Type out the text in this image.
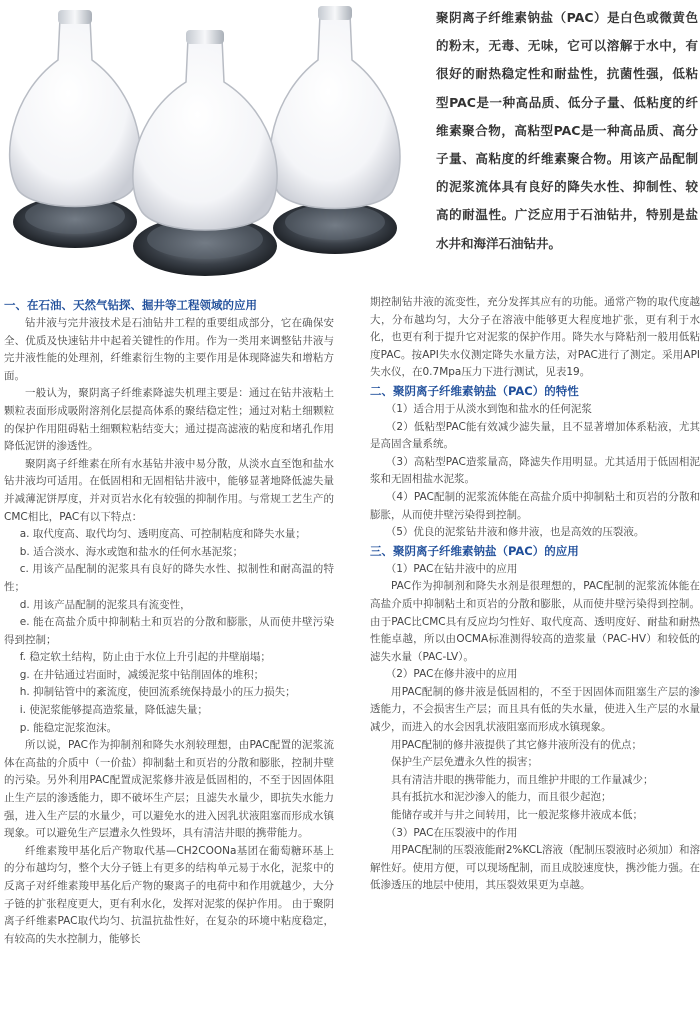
聚阴离子纤维素钠盐（PAC）是白色或微黄色的粉末，无毒、无味，它可以溶解于水中，有很好的耐热稳定性和耐盐性，抗菌性强，低粘型PAC是一种高品质、低分子量、低粘度的纤维素聚合物，高粘型PAC是一种高品质、高分子量、高粘度的纤维素聚合物。用该产品配制的泥浆流体具有良好的降失水性、抑制性、较高的耐温性。广泛应用于石油钻井，特别是盐水井和海洋石油钻井。

一、在石油、天然气钻探、掘井等工程领域的应用

钻井液与完井液技术是石油钻井工程的重要组成部分，它在确保安全、优质及快速钻井中起着关键性的作用。作为一类用来调整钻井液与完井液性能的处理剂，纤维素衍生物的主要作用是体现降滤失和增粘方面。

一般认为，聚阴离子纤维素降滤失机理主要是：通过在钻井液粘土颗粒表面形成吸附溶剂化层提高体系的聚结稳定性；通过对粘土细颗粒的保护作用阻碍粘土细颗粒粘结变大；通过提高滤液的粘度和堵孔作用降低泥饼的渗透性。

聚阴离子纤维素在所有水基钻井液中易分散，从淡水直至饱和盐水钻井液均可适用。在低固相和无固相钻井液中，能够显著地降低滤失量并减薄泥饼厚度，并对页岩水化有较强的抑制作用。与常规工艺生产的CMC相比，PAC有以下特点：

a. 取代度高、取代均匀、透明度高、可控制粘度和降失水量；

b. 适合淡水、海水或饱和盐水的任何水基泥浆；

c. 用该产品配制的泥浆具有良好的降失水性、拟制性和耐高温的特性；

d. 用该产品配制的泥浆具有流变性，

e. 能在高盐介质中抑制粘土和页岩的分散和膨胀，从而使井壁污染得到控制；

f. 稳定软土结构，防止由于水位上升引起的井壁崩塌；

g. 在井钻通过岩面时，减缓泥浆中钻削固体的堆积；

h. 抑制钻管中的紊流度，使回流系统保持最小的压力损失；

i. 使泥浆能够提高造浆量，降低滤失量；

p. 能稳定泥浆泡沫。

所以说，PAC作为抑制剂和降失水剂较理想，由PAC配置的泥浆流体在高盐的介质中（一价盐）抑制黏土和页岩的分散和膨胀，控制井壁的污染。另外利用PAC配置成泥浆修井液是低固相的，不至于因固体阻止生产层的渗透能力，即不破坏生产层；且滤失水量少，即抗失水能力强，进入生产层的水量少，可以避免水的进入因乳状液阻塞而形成水镇现象。可以避免生产层遭永久性毁坏，具有清洁井眼的携带能力。

纤维素羧甲基化后产物取代基—CH2COONa基团在葡萄糖环基上的分布越均匀，整个大分子链上有更多的结构单元易于水化，泥浆中的反离子对纤维素羧甲基化后产物的聚离子的电荷中和作用就越少，大分子链的扩张程度更大，更有利水化，发挥对泥浆的保护作用。 由于聚阴离子纤维素PAC取代均匀、抗温抗盐性好，在复杂的环境中粘度稳定，有较高的失水控制力，能够长

期控制钻井液的流变性，充分发挥其应有的功能。通常产物的取代度越大，分布越均匀，大分子在溶液中能够更大程度地扩张，更有利于水化，也更有利于提升它对泥浆的保护作用。降失水与降粘剂一般用低粘度PAC。按API失水仪测定降失水量方法，对PAC进行了测定。采用API失水仪，在0.7Mpa压力下进行测试，见表19。

二、聚阴离子纤维素钠盐（PAC）的特性

（1）适合用于从淡水到饱和盐水的任何泥浆

（2）低粘型PAC能有效减少滤失量，且不显著增加体系粘液，尤其是高固含量系统。

（3）高粘型PAC造浆量高，降滤失作用明显。尤其适用于低固相泥浆和无固相盐水泥浆。

（4）PAC配制的泥浆流体能在高盐介质中抑制粘土和页岩的分散和膨胀，从而使井壁污染得到控制。

（5）优良的泥浆钻井液和修井液，也是高效的压裂液。

三、聚阴离子纤维素钠盐（PAC）的应用

（1）PAC在钻井液中的应用

PAC作为抑制剂和降失水剂是很理想的，PAC配制的泥浆流体能在高盐介质中抑制粘土和页岩的分散和膨胀，从而使井壁污染得到控制。由于PAC比CMC具有反应均匀性好、取代度高、透明度好、耐盐和耐热性能卓越，所以由OCMA标准测得较高的造浆量（PAC-HV）和较低的滤失水量（PAC-LV）。

（2）PAC在修井液中的应用

用PAC配制的修井液是低固相的，不至于因固体而阻塞生产层的渗透能力，不会损害生产层；而且具有低的失水量，使进入生产层的水量减少，而进入的水会因乳状液阻塞而形成水镇现象。

用PAC配制的修井液提供了其它修井液所没有的优点；

保护生产层免遭永久性的损害；

具有清洁井眼的携带能力，而且维护井眼的工作量减少；

具有抵抗水和泥沙渗入的能力，而且很少起泡；

能储存或并与井之间转用，比一般泥浆修井液成本低；

（3）PAC在压裂液中的作用

用PAC配制的压裂液能耐2%KCL溶液（配制压裂液时必须加）和溶解性好。使用方便，可以现场配制，而且成胶速度快，携沙能力强。在低渗透压的地层中使用，其压裂效果更为卓越。
